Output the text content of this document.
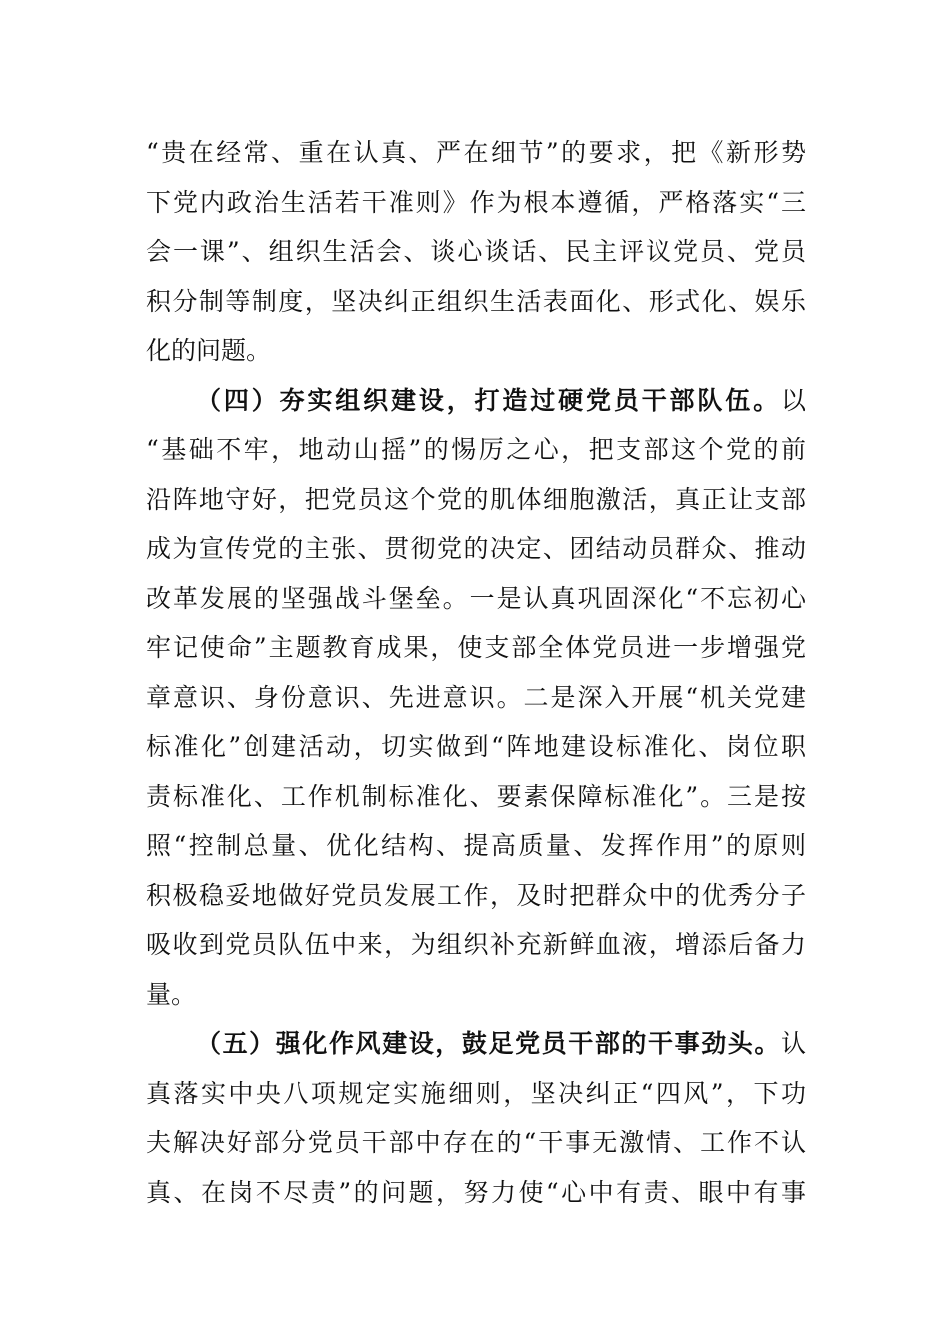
“贵在经常、重在认真、严在细节”的要求，把《新形势
下党内政治生活若干准则》作为根本遵循，严格落实“三
会一课”、组织生活会、谈心谈话、民主评议党员、党员
积分制等制度，坚决纠正组织生活表面化、形式化、娱乐
化的问题。
（四）夯实组织建设，打造过硬党员干部队伍。以
“基础不牢，地动山摇”的惕厉之心，把支部这个党的前
沿阵地守好，把党员这个党的肌体细胞激活，真正让支部
成为宣传党的主张、贯彻党的决定、团结动员群众、推动
改革发展的坚强战斗堡垒。一是认真巩固深化“不忘初心
牢记使命”主题教育成果，使支部全体党员进一步增强党
章意识、身份意识、先进意识。二是深入开展“机关党建
标准化”创建活动，切实做到“阵地建设标准化、岗位职
责标准化、工作机制标准化、要素保障标准化”。三是按
照“控制总量、优化结构、提高质量、发挥作用”的原则
积极稳妥地做好党员发展工作，及时把群众中的优秀分子
吸收到党员队伍中来，为组织补充新鲜血液，增添后备力
量。
（五）强化作风建设，鼓足党员干部的干事劲头。认
真落实中央八项规定实施细则，坚决纠正“四风”，下功
夫解决好部分党员干部中存在的“干事无激情、工作不认
真、在岗不尽责”的问题，努力使“心中有责、眼中有事
